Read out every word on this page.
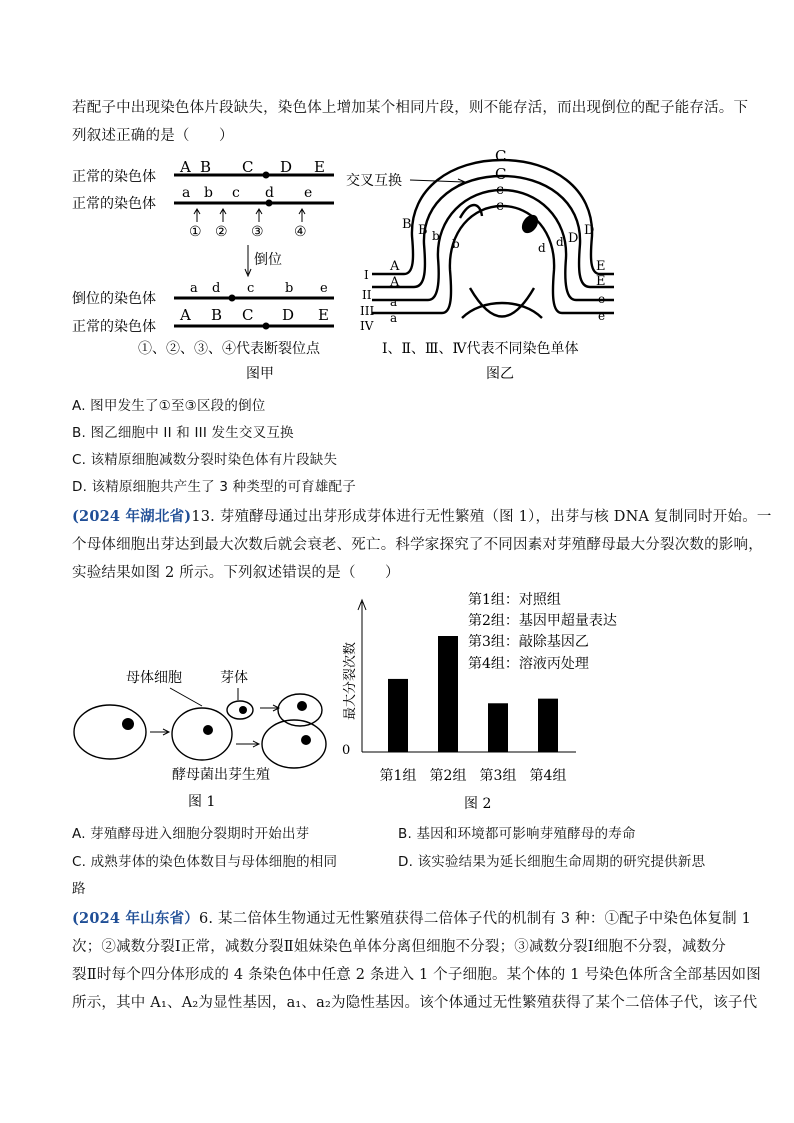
若配子中出现染色体片段缺失，染色体上增加某个相同片段，则不能存活，而出现倒位的配子能存活。下
列叙述正确的是（　　）
正常的染色体
A B C D E
正常的染色体
a b c d e
① ② ③ ④
倒位
倒位的染色体
a d c b e
正常的染色体
A B C D E
①、②、③、④代表断裂位点
图甲
交叉互换
I
II
III
IV
A
A
a
a
E
E
e
e
C
C
c
c
B B b
b
D
D
d
d
Ⅰ、Ⅱ、Ⅲ、Ⅳ代表不同染色单体
图乙
A. 图甲发生了①至③区段的倒位
B. 图乙细胞中 II 和 III 发生交叉互换
C. 该精原细胞减数分裂时染色体有片段缺失
D. 该精原细胞共产生了 3 种类型的可育雄配子
(2024 年湖北省)13. 芽殖酵母通过出芽形成芽体进行无性繁殖（图 1），出芽与核 DNA 复制同时开始。一
个母体细胞出芽达到最大次数后就会衰老、死亡。科学家探究了不同因素对芽殖酵母最大分裂次数的影响，
实验结果如图 2 所示。下列叙述错误的是（　　）
母体细胞	芽体
酵母菌出芽生殖
图 1
0
最大分裂次数
第1组：对照组
第2组：基因甲超量表达
第3组：敲除基因乙
第4组：溶液丙处理
第1组 第2组 第3组 第4组
图 2
A. 芽殖酵母进入细胞分裂期时开始出芽	B. 基因和环境都可影响芽殖酵母的寿命
C. 成熟芽体的染色体数目与母体细胞的相同	D. 该实验结果为延长细胞生命周期的研究提供新思
路
(2024 年山东省）6. 某二倍体生物通过无性繁殖获得二倍体子代的机制有 3 种：①配子中染色体复制 1
次；②减数分裂Ⅰ正常，减数分裂Ⅱ姐妹染色单体分离但细胞不分裂；③减数分裂Ⅰ细胞不分裂，减数分
裂Ⅱ时每个四分体形成的 4 条染色体中任意 2 条进入 1 个子细胞。某个体的 1 号染色体所含全部基因如图
所示，其中 A₁、A₂为显性基因，a₁、a₂为隐性基因。该个体通过无性繁殖获得了某个二倍体子代，该子代
